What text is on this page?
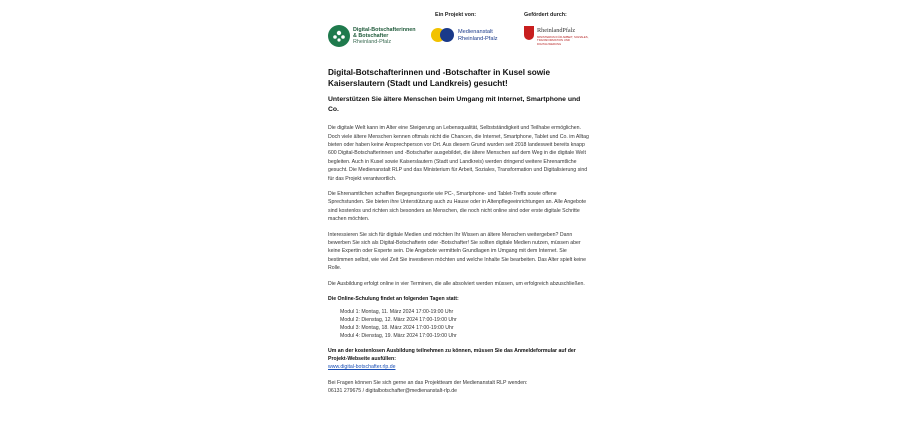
Digital-Botschafterinnen
& Botschafter
Rheinland-Pfalz
Ein Projekt von:
Medienanstalt
Rheinland-Pfalz
Gefördert durch:
RheinlandPfalz
MINISTERIUM FÜR ARBEIT, SOZIALES, TRANSFORMATION UND DIGITALISIERUNG
Digital-Botschafterinnen und -Botschafter in Kusel sowie Kaiserslautern (Stadt und Landkreis) gesucht!
Unterstützen Sie ältere Menschen beim Umgang mit Internet, Smartphone und Co.

Die digitale Welt kann im Alter eine Steigerung an Lebensqualität, Selbstständigkeit und Teilhabe ermöglichen. Doch viele ältere Menschen kennen oftmals nicht die Chancen, die Internet, Smartphone, Tablet und Co. im Alltag bieten oder haben keine Ansprechperson vor Ort. Aus diesem Grund wurden seit 2018 landesweit bereits knapp 600 Digital-Botschafterinnen und -Botschafter ausgebildet, die ältere Menschen auf dem Weg in die digitale Welt begleiten. Auch in Kusel sowie Kaiserslautern (Stadt und Landkreis) werden dringend weitere Ehrenamtliche gesucht. Die Medienanstalt RLP und das Ministerium für Arbeit, Soziales, Transformation und Digitalisierung sind für das Projekt verantwortlich.

Die Ehrenamtlichen schaffen Begegnungsorte wie PC-, Smartphone- und Tablet-Treffs sowie offene Sprechstunden. Sie bieten ihre Unterstützung auch zu Hause oder in Altenpflegeeinrichtungen an. Alle Angebote sind kostenlos und richten sich besonders an Menschen, die noch nicht online sind oder erste digitale Schritte machen möchten.

Interessieren Sie sich für digitale Medien und möchten Ihr Wissen an ältere Menschen weitergeben? Dann bewerben Sie sich als Digital-Botschafterin oder -Botschafter! Sie sollten digitale Medien nutzen, müssen aber keine Expertin oder Experte sein. Die Angebote vermitteln Grundlagen im Umgang mit dem Internet. Sie bestimmen selbst, wie viel Zeit Sie investieren möchten und welche Inhalte Sie bearbeiten. Das Alter spielt keine Rolle.

Die Ausbildung erfolgt online in vier Terminen, die alle absolviert werden müssen, um erfolgreich abzuschließen.

Die Online-Schulung findet an folgenden Tagen statt:

Modul 1: Montag, 11. März 2024 17:00-19:00 Uhr
Modul 2: Dienstag, 12. März 2024 17:00-19:00 Uhr
Modul 3: Montag, 18. März 2024 17:00-19:00 Uhr
Modul 4: Dienstag, 19. März 2024 17:00-19:00 Uhr

Um an der kostenlosen Ausbildung teilnehmen zu können, müssen Sie das Anmeldeformular auf der Projekt-Webseite ausfüllen:

www.digital-botschafter.rlp.de

Bei Fragen können Sie sich gerne an das Projektteam der Medienanstalt RLP wenden:

06131 279675 / digitalbotschafter@medienanstalt-rlp.de
